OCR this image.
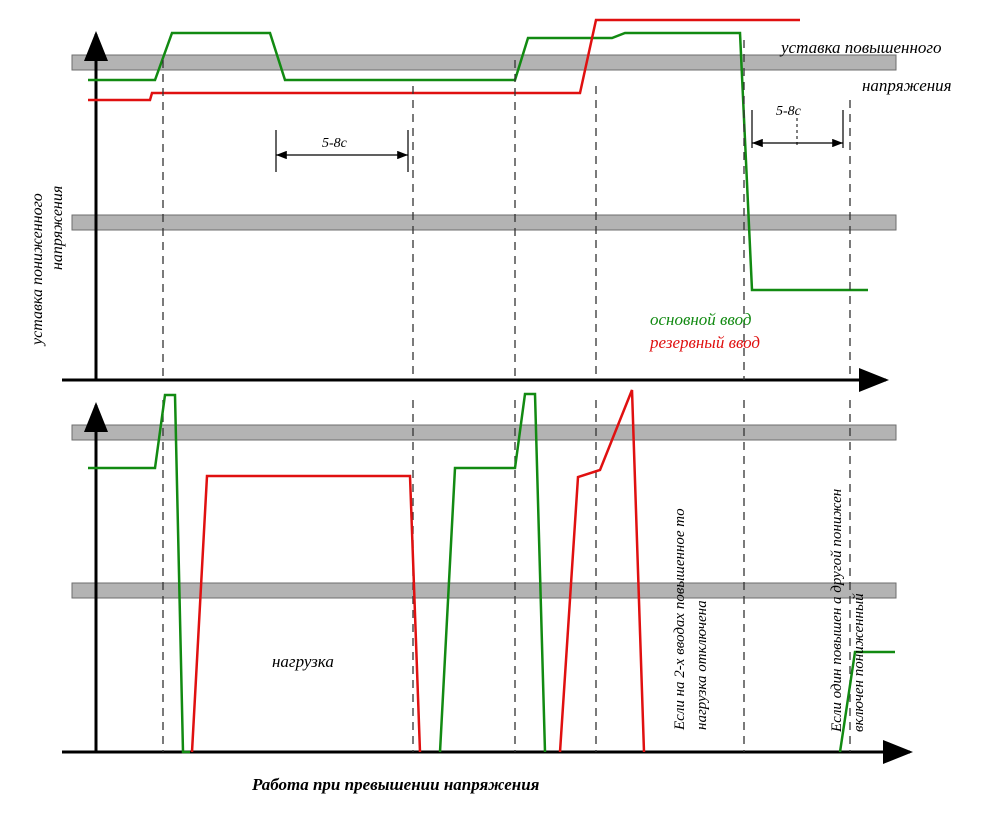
уставка повышенного
напряжения
уставка пониженного напряжения
5-8с
5-8с
основной ввод
резервный ввод
нагрузка	Если на 2-х вводах повышенное то нагрузка отключена	Если один повышен а другой понижен включен пониженный
Работа при превышении напряжения
